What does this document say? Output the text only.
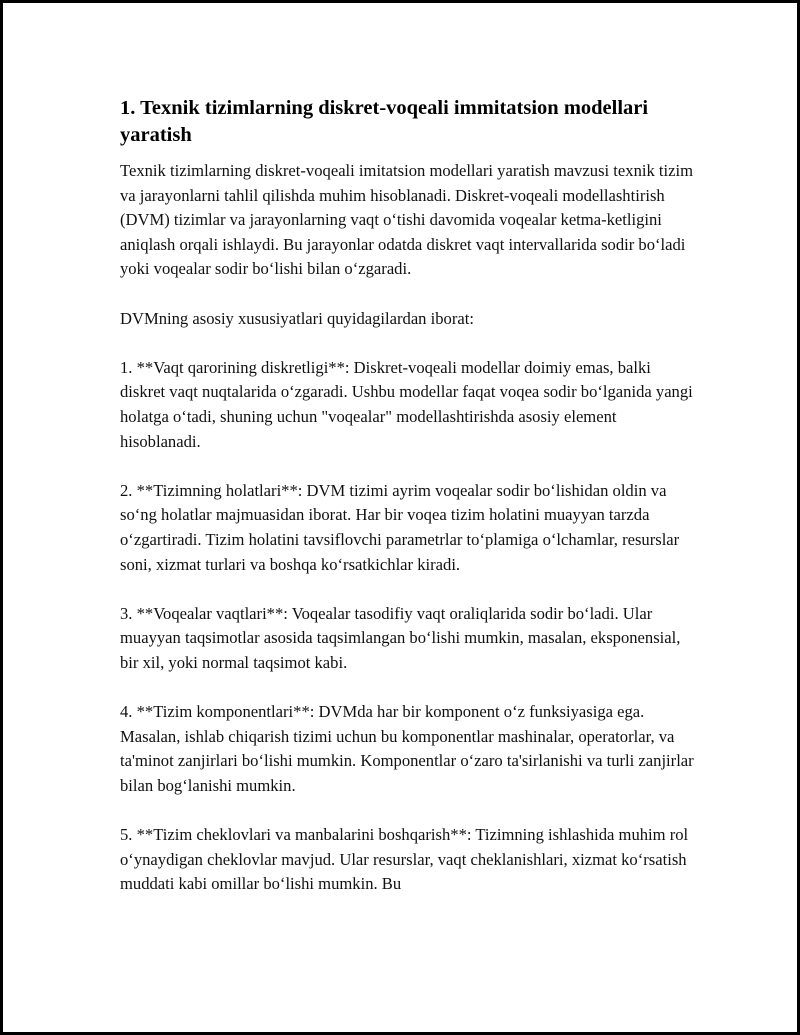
1. Texnik tizimlarning diskret-voqeali immitatsion modellari yaratish

Texnik tizimlarning diskret-voqeali imitatsion modellari yaratish mavzusi texnik tizim va jarayonlarni tahlil qilishda muhim hisoblanadi. Diskret-voqeali modellashtirish (DVM) tizimlar va jarayonlarning vaqt o‘tishi davomida voqealar ketma-ketligini aniqlash orqali ishlaydi. Bu jarayonlar odatda diskret vaqt intervallarida sodir bo‘ladi yoki voqealar sodir bo‘lishi bilan o‘zgaradi.

DVMning asosiy xususiyatlari quyidagilardan iborat:

1. **Vaqt qarorining diskretligi**: Diskret-voqeali modellar doimiy emas, balki diskret vaqt nuqtalarida o‘zgaradi. Ushbu modellar faqat voqea sodir bo‘lganida yangi holatga o‘tadi, shuning uchun "voqealar" modellashtirishda asosiy element hisoblanadi.

2. **Tizimning holatlari**: DVM tizimi ayrim voqealar sodir bo‘lishidan oldin va so‘ng holatlar majmuasidan iborat. Har bir voqea tizim holatini muayyan tarzda o‘zgartiradi. Tizim holatini tavsiflovchi parametrlar to‘plamiga o‘lchamlar, resurslar soni, xizmat turlari va boshqa ko‘rsatkichlar kiradi.

3. **Voqealar vaqtlari**: Voqealar tasodifiy vaqt oraliqlarida sodir bo‘ladi. Ular muayyan taqsimotlar asosida taqsimlangan bo‘lishi mumkin, masalan, eksponensial, bir xil, yoki normal taqsimot kabi.

4. **Tizim komponentlari**: DVMda har bir komponent o‘z funksiyasiga ega. Masalan, ishlab chiqarish tizimi uchun bu komponentlar mashinalar, operatorlar, va ta'minot zanjirlari bo‘lishi mumkin. Komponentlar o‘zaro ta'sirlanishi va turli zanjirlar bilan bog‘lanishi mumkin.

5. **Tizim cheklovlari va manbalarini boshqarish**: Tizimning ishlashida muhim rol o‘ynaydigan cheklovlar mavjud. Ular resurslar, vaqt cheklanishlari, xizmat ko‘rsatish muddati kabi omillar bo‘lishi mumkin. Bu
